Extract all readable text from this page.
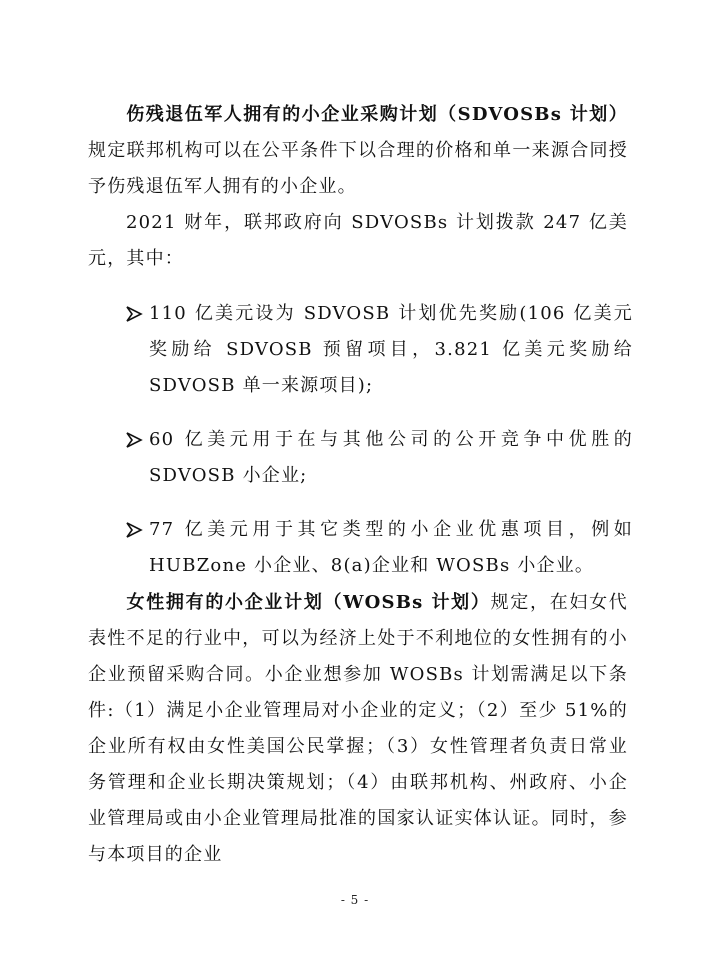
伤残退伍军人拥有的小企业采购计划（SDVOSBs 计划）规定联邦机构可以在公平条件下以合理的价格和单一来源合同授予伤残退伍军人拥有的小企业。

2021 财年，联邦政府向 SDVOSBs 计划拨款 247 亿美元，其中：

110 亿美元设为 SDVOSB 计划优先奖励(106 亿美元奖励给 SDVOSB 预留项目，3.821 亿美元奖励给 SDVOSB 单一来源项目);

60 亿美元用于在与其他公司的公开竞争中优胜的 SDVOSB 小企业;

77 亿美元用于其它类型的小企业优惠项目，例如 HUBZone 小企业、8(a)企业和 WOSBs 小企业。

女性拥有的小企业计划（WOSBs 计划）规定，在妇女代表性不足的行业中，可以为经济上处于不利地位的女性拥有的小企业预留采购合同。小企业想参加 WOSBs 计划需满足以下条件:（1）满足小企业管理局对小企业的定义；（2）至少 51%的企业所有权由女性美国公民掌握；（3）女性管理者负责日常业务管理和企业长期决策规划；（4）由联邦机构、州政府、小企业管理局或由小企业管理局批准的国家认证实体认证。同时，参与本项目的企业

- 5 -
